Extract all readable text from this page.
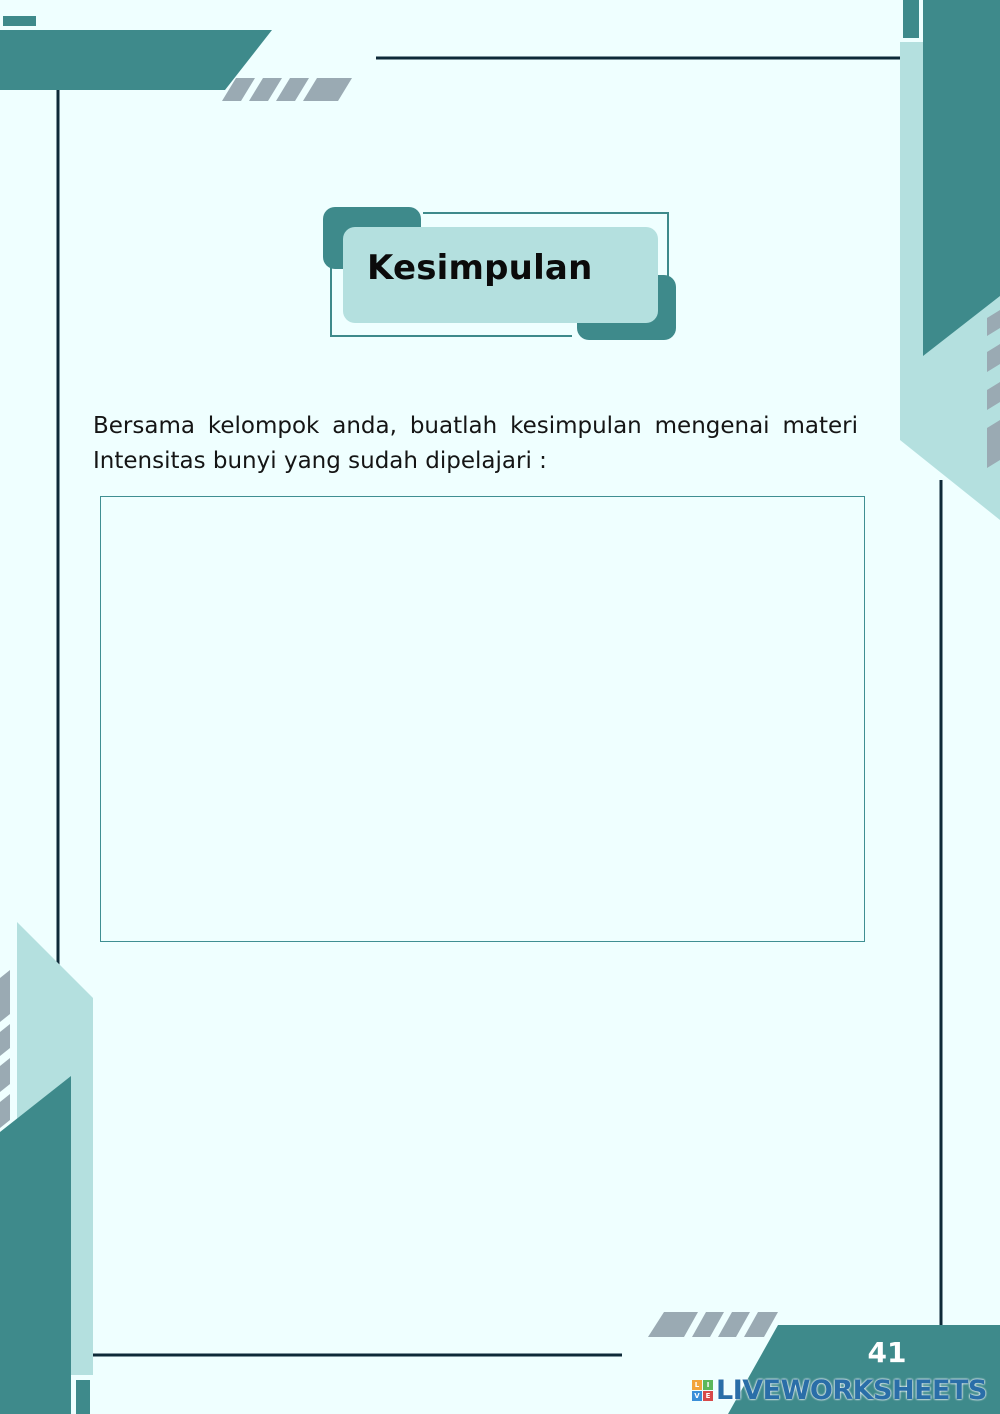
Kesimpulan

Bersama kelompok anda, buatlah kesimpulan mengenai materi Intensitas bunyi yang sudah dipelajari :

41
L	I
V E LIVEWORKSHEETS
